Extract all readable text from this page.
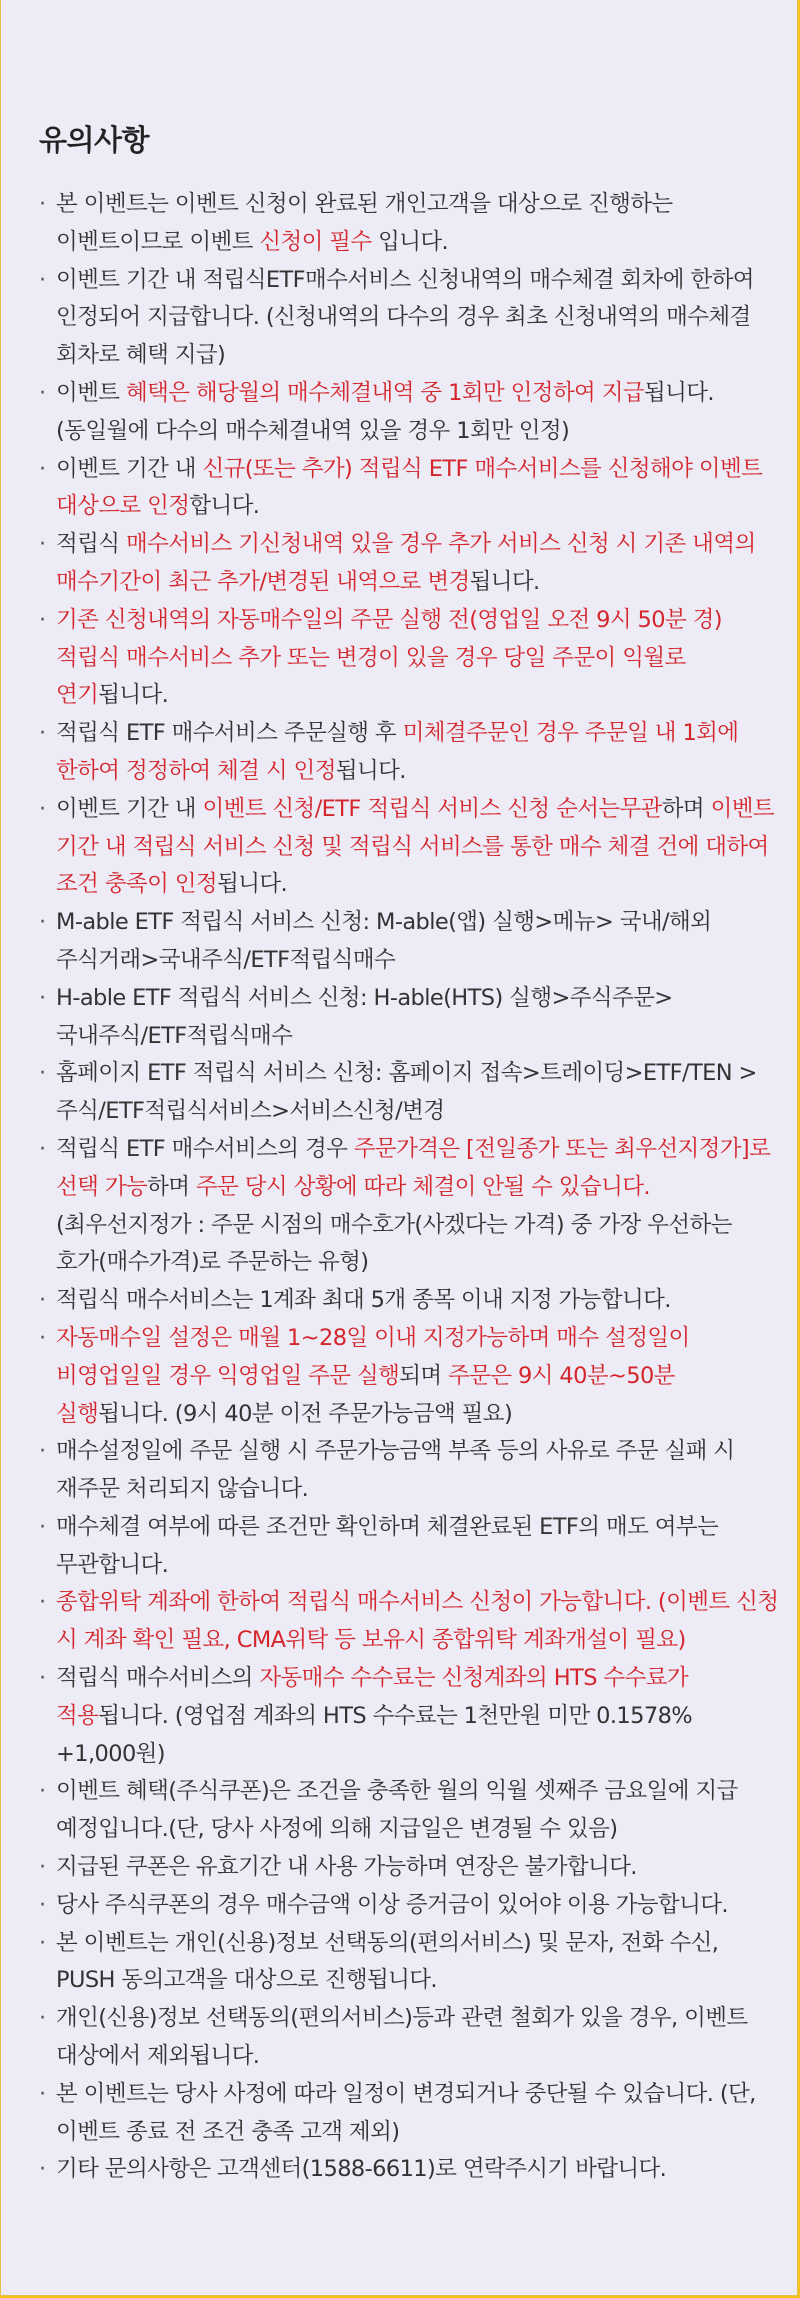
유의사항
· 본 이벤트는 이벤트 신청이 완료된 개인고객을 대상으로 진행하는 이벤트이므로 이벤트 신청이 필수 입니다.
· 이벤트 기간 내 적립식ETF매수서비스 신청내역의 매수체결 회차에 한하여 인정되어 지급합니다. (신청내역의 다수의 경우 최초 신청내역의 매수체결 회차로 혜택 지급)
· 이벤트 혜택은 해당월의 매수체결내역 중 1회만 인정하여 지급됩니다. (동일월에 다수의 매수체결내역 있을 경우 1회만 인정)
· 이벤트 기간 내 신규(또는 추가) 적립식 ETF 매수서비스를 신청해야 이벤트 대상으로 인정합니다.
· 적립식 매수서비스 기신청내역 있을 경우 추가 서비스 신청 시 기존 내역의 매수기간이 최근 추가/변경된 내역으로 변경됩니다.
· 기존 신청내역의 자동매수일의 주문 실행 전(영업일 오전 9시 50분 경) 적립식 매수서비스 추가 또는 변경이 있을 경우 당일 주문이 익월로 연기됩니다.
· 적립식 ETF 매수서비스 주문실행 후 미체결주문인 경우 주문일 내 1회에 한하여 정정하여 체결 시 인정됩니다.
· 이벤트 기간 내 이벤트 신청/ETF 적립식 서비스 신청 순서는무관하며 이벤트 기간 내 적립식 서비스 신청 및 적립식 서비스를 통한 매수 체결 건에 대하여 조건 충족이 인정됩니다.
· M-able ETF 적립식 서비스 신청: M-able(앱) 실행>메뉴> 국내/해외 주식거래>국내주식/ETF적립식매수
· H-able ETF 적립식 서비스 신청: H-able(HTS) 실행>주식주문> 국내주식/ETF적립식매수
· 홈페이지 ETF 적립식 서비스 신청: 홈페이지 접속>트레이딩>ETF/TEN >주식/ETF적립식서비스>서비스신청/변경
· 적립식 ETF 매수서비스의 경우 주문가격은 [전일종가 또는 최우선지정가]로 선택 가능하며 주문 당시 상황에 따라 체결이 안될 수 있습니다. (최우선지정가 : 주문 시점의 매수호가(사겠다는 가격) 중 가장 우선하는 호가(매수가격)로 주문하는 유형)
· 적립식 매수서비스는 1계좌 최대 5개 종목 이내 지정 가능합니다.
· 자동매수일 설정은 매월 1~28일 이내 지정가능하며 매수 설정일이 비영업일일 경우 익영업일 주문 실행되며 주문은 9시 40분~50분 실행됩니다. (9시 40분 이전 주문가능금액 필요)
· 매수설정일에 주문 실행 시 주문가능금액 부족 등의 사유로 주문 실패 시 재주문 처리되지 않습니다.
· 매수체결 여부에 따른 조건만 확인하며 체결완료된 ETF의 매도 여부는 무관합니다.
· 종합위탁 계좌에 한하여 적립식 매수서비스 신청이 가능합니다. (이벤트 신청 시 계좌 확인 필요, CMA위탁 등 보유시 종합위탁 계좌개설이 필요)
· 적립식 매수서비스의 자동매수 수수료는 신청계좌의 HTS 수수료가 적용됩니다. (영업점 계좌의 HTS 수수료는 1천만원 미만 0.1578% +1,000원)
· 이벤트 혜택(주식쿠폰)은 조건을 충족한 월의 익월 셋째주 금요일에 지급 예정입니다.(단, 당사 사정에 의해 지급일은 변경될 수 있음)
· 지급된 쿠폰은 유효기간 내 사용 가능하며 연장은 불가합니다.
· 당사 주식쿠폰의 경우 매수금액 이상 증거금이 있어야 이용 가능합니다.
· 본 이벤트는 개인(신용)정보 선택동의(편의서비스) 및 문자, 전화 수신, PUSH 동의고객을 대상으로 진행됩니다.
· 개인(신용)정보 선택동의(편의서비스)등과 관련 철회가 있을 경우, 이벤트 대상에서 제외됩니다.
· 본 이벤트는 당사 사정에 따라 일정이 변경되거나 중단될 수 있습니다. (단, 이벤트 종료 전 조건 충족 고객 제외)
· 기타 문의사항은 고객센터(1588-6611)로 연락주시기 바랍니다.
